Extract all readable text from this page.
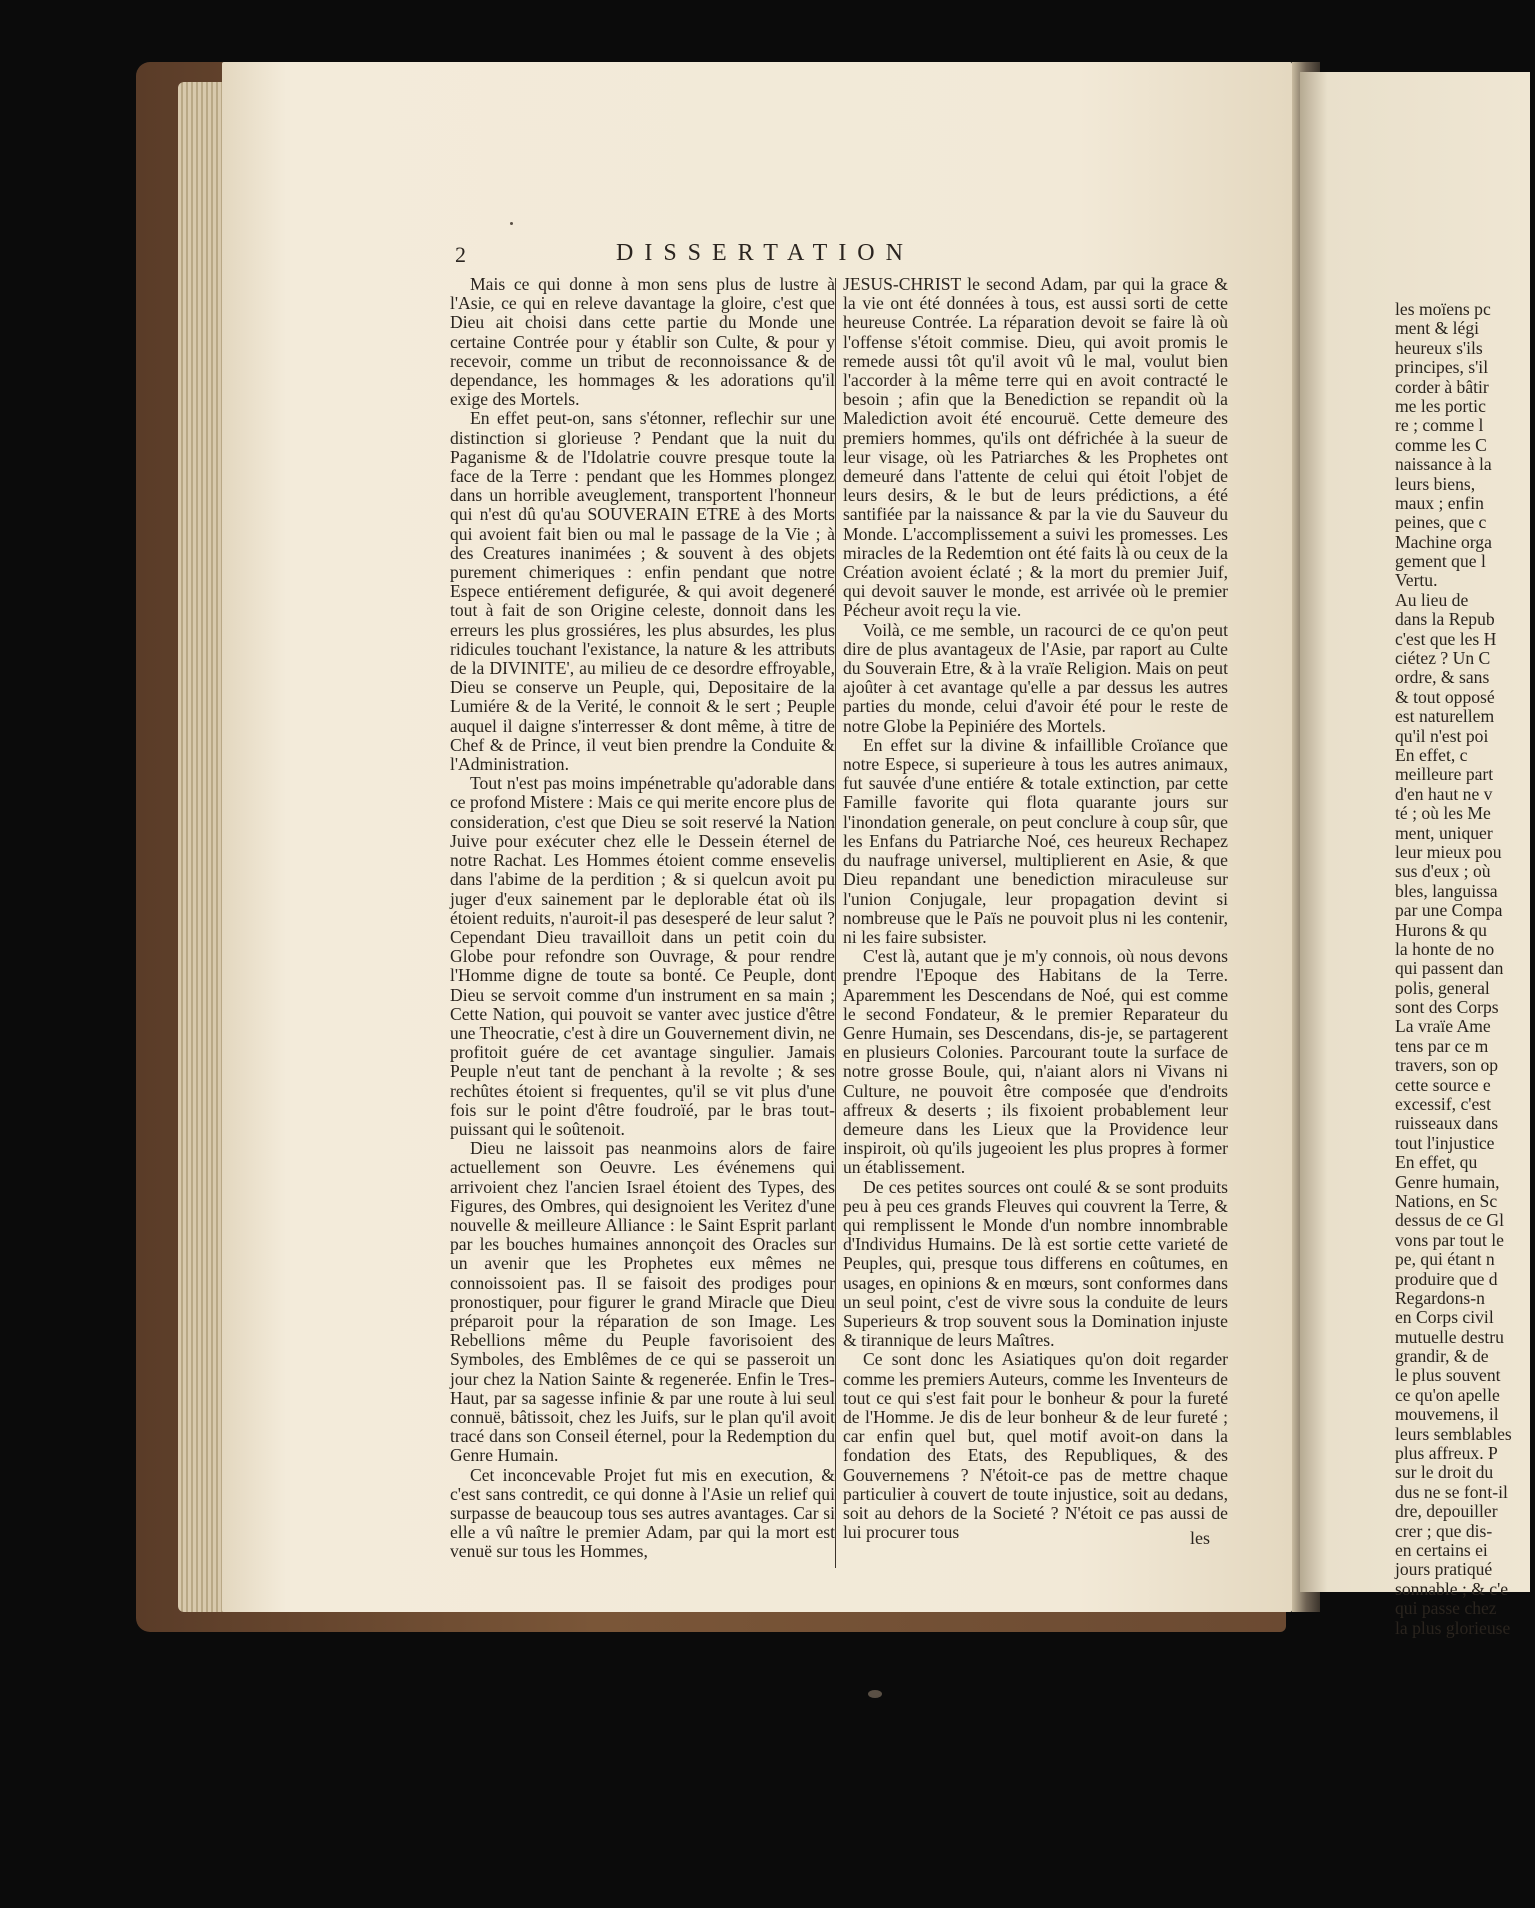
DISSERTATION
2

Mais ce qui donne à mon sens plus de lustre à l'Asie, ce qui en releve davantage la gloire, c'est que Dieu ait choisi dans cette partie du Monde une certaine Contrée pour y établir son Culte, & pour y recevoir, comme un tribut de reconnoissance & de dependance, les hommages & les adorations qu'il exige des Mortels.

En effet peut-on, sans s'étonner, reflechir sur une distinction si glorieuse ? Pendant que la nuit du Paganisme & de l'Idolatrie couvre presque toute la face de la Terre : pendant que les Hommes plongez dans un horrible aveuglement, transportent l'honneur qui n'est dû qu'au SOUVERAIN ETRE à des Morts qui avoient fait bien ou mal le passage de la Vie ; à des Creatures inanimées ; & souvent à des objets purement chimeriques : enfin pendant que notre Espece entiérement defigurée, & qui avoit degeneré tout à fait de son Origine celeste, donnoit dans les erreurs les plus grossiéres, les plus absurdes, les plus ridicules touchant l'existance, la nature & les attributs de la DIVINITE', au milieu de ce desordre effroyable, Dieu se conserve un Peuple, qui, Depositaire de la Lumiére & de la Verité, le connoit & le sert ; Peuple auquel il daigne s'interresser & dont même, à titre de Chef & de Prince, il veut bien prendre la Conduite & l'Administration.

Tout n'est pas moins impénetrable qu'adorable dans ce profond Mistere : Mais ce qui merite encore plus de consideration, c'est que Dieu se soit reservé la Nation Juive pour exécuter chez elle le Dessein éternel de notre Rachat. Les Hommes étoient comme ensevelis dans l'abime de la perdition ; & si quelcun avoit pu juger d'eux sainement par le deplorable état où ils étoient reduits, n'auroit-il pas desesperé de leur salut ? Cependant Dieu travailloit dans un petit coin du Globe pour refondre son Ouvrage, & pour rendre l'Homme digne de toute sa bonté. Ce Peuple, dont Dieu se servoit comme d'un instrument en sa main ; Cette Nation, qui pouvoit se vanter avec justice d'être une Theocratie, c'est à dire un Gouvernement divin, ne profitoit guére de cet avantage singulier. Jamais Peuple n'eut tant de penchant à la revolte ; & ses rechûtes étoient si frequentes, qu'il se vit plus d'une fois sur le point d'être foudroïé, par le bras tout-puissant qui le soûtenoit.

Dieu ne laissoit pas neanmoins alors de faire actuellement son Oeuvre. Les événemens qui arrivoient chez l'ancien Israel étoient des Types, des Figures, des Ombres, qui designoient les Veritez d'une nouvelle & meilleure Alliance : le Saint Esprit parlant par les bouches humaines annonçoit des Oracles sur un avenir que les Prophetes eux mêmes ne connoissoient pas. Il se faisoit des prodiges pour pronostiquer, pour figurer le grand Miracle que Dieu préparoit pour la réparation de son Image. Les Rebellions même du Peuple favorisoient des Symboles, des Emblêmes de ce qui se passeroit un jour chez la Nation Sainte & regenerée. Enfin le Tres-Haut, par sa sagesse infinie & par une route à lui seul connuë, bâtissoit, chez les Juifs, sur le plan qu'il avoit tracé dans son Conseil éternel, pour la Redemption du Genre Humain.

Cet inconcevable Projet fut mis en execution, & c'est sans contredit, ce qui donne à l'Asie un relief qui surpasse de beaucoup tous ses autres avantages. Car si elle a vû naître le premier Adam, par qui la mort est venuë sur tous les Hommes,

JESUS-CHRIST le second Adam, par qui la grace & la vie ont été données à tous, est aussi sorti de cette heureuse Contrée. La réparation devoit se faire là où l'offense s'étoit commise. Dieu, qui avoit promis le remede aussi tôt qu'il avoit vû le mal, voulut bien l'accorder à la même terre qui en avoit contracté le besoin ; afin que la Benediction se repandit où la Malediction avoit été encouruë. Cette demeure des premiers hommes, qu'ils ont défrichée à la sueur de leur visage, où les Patriarches & les Prophetes ont demeuré dans l'attente de celui qui étoit l'objet de leurs desirs, & le but de leurs prédictions, a été santifiée par la naissance & par la vie du Sauveur du Monde. L'accomplissement a suivi les promesses. Les miracles de la Redemtion ont été faits là ou ceux de la Création avoient éclaté ; & la mort du premier Juif, qui devoit sauver le monde, est arrivée où le premier Pécheur avoit reçu la vie.

Voilà, ce me semble, un racourci de ce qu'on peut dire de plus avantageux de l'Asie, par raport au Culte du Souverain Etre, & à la vraïe Religion. Mais on peut ajoûter à cet avantage qu'elle a par dessus les autres parties du monde, celui d'avoir été pour le reste de notre Globe la Pepiniére des Mortels.

En effet sur la divine & infaillible Croïance que notre Espece, si superieure à tous les autres animaux, fut sauvée d'une entiére & totale extinction, par cette Famille favorite qui flota quarante jours sur l'inondation generale, on peut conclure à coup sûr, que les Enfans du Patriarche Noé, ces heureux Rechapez du naufrage universel, multiplierent en Asie, & que Dieu repandant une benediction miraculeuse sur l'union Conjugale, leur propagation devint si nombreuse que le Païs ne pouvoit plus ni les contenir, ni les faire subsister.

C'est là, autant que je m'y connois, où nous devons prendre l'Epoque des Habitans de la Terre. Aparemment les Descendans de Noé, qui est comme le second Fondateur, & le premier Reparateur du Genre Humain, ses Descendans, dis-je, se partagerent en plusieurs Colonies. Parcourant toute la surface de notre grosse Boule, qui, n'aiant alors ni Vivans ni Culture, ne pouvoit être composée que d'endroits affreux & deserts ; ils fixoient probablement leur demeure dans les Lieux que la Providence leur inspiroit, où qu'ils jugeoient les plus propres à former un établissement.

De ces petites sources ont coulé & se sont produits peu à peu ces grands Fleuves qui couvrent la Terre, & qui remplissent le Monde d'un nombre innombrable d'Individus Humains. De là est sortie cette varieté de Peuples, qui, presque tous differens en coûtumes, en usages, en opinions & en mœurs, sont conformes dans un seul point, c'est de vivre sous la conduite de leurs Superieurs & trop souvent sous la Domination injuste & tirannique de leurs Maîtres.

Ce sont donc les Asiatiques qu'on doit regarder comme les premiers Auteurs, comme les Inventeurs de tout ce qui s'est fait pour le bonheur & pour la fureté de l'Homme. Je dis de leur bonheur & de leur fureté ; car enfin quel but, quel motif avoit-on dans la fondation des Etats, des Republiques, & des Gouvernemens ? N'étoit-ce pas de mettre chaque particulier à couvert de toute injustice, soit au dedans, soit au dehors de la Societé ? N'étoit ce pas aussi de lui procurer tous	les
les moïens pc
ment & légi
heureux s'ils
principes, s'il
corder à bâtir
me les portic
re ; comme l
comme les C
naissance à la
leurs biens,
maux ; enfin
peines, que c
Machine orga
gement que l
Vertu.
Au lieu de
dans la Repub
c'est que les H
ciétez ? Un C
ordre, & sans
& tout opposé
est naturellem
qu'il n'est poi
En effet, c
meilleure part
d'en haut ne v
té ; où les Me
ment, uniquer
leur mieux pou
sus d'eux ; où
bles, languissa
par une Compa
Hurons & qu
la honte de no
qui passent dan
polis, general
sont des Corps
La vraïe Ame
tens par ce m
travers, son op
cette source e
excessif, c'est
ruisseaux dans
tout l'injustice
En effet, qu
Genre humain,
Nations, en Sc
dessus de ce Gl
vons par tout le
pe, qui étant n
produire que d
Regardons-n
en Corps civil
mutuelle destru
grandir, & de
le plus souvent
ce qu'on apelle
mouvemens, il
leurs semblables
plus affreux. P
sur le droit du
dus ne se font-il
dre, depouiller
crer ; que dis-
en certains ei
jours pratiqué
sonnable ; & c'e
qui passe chez
la plus glorieuse
